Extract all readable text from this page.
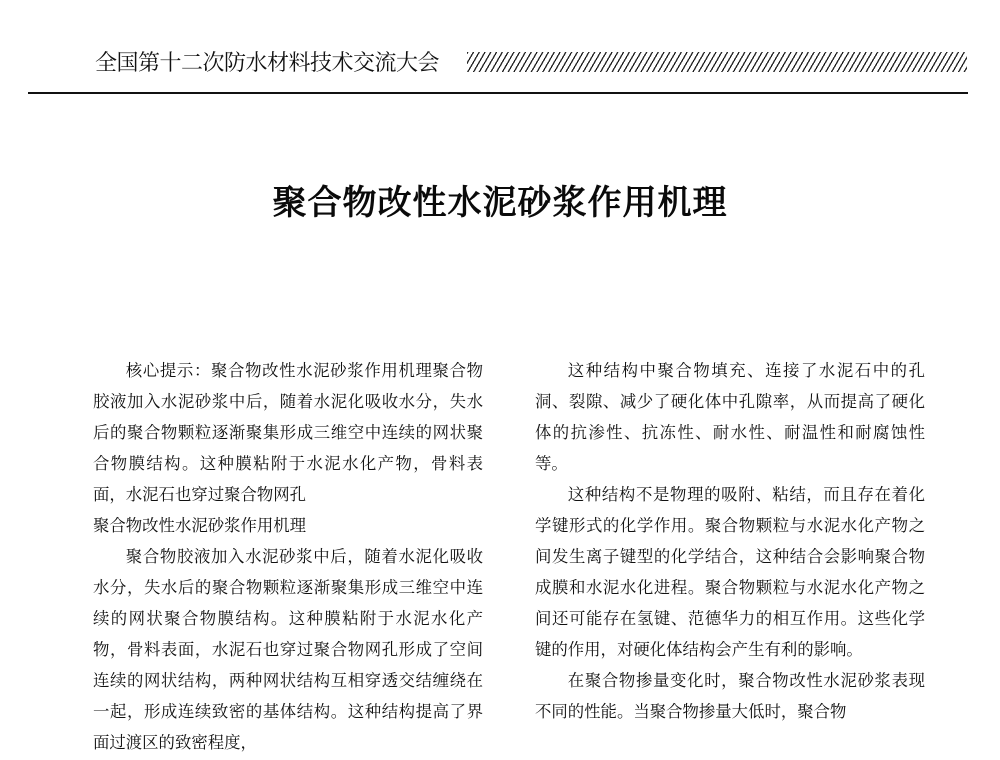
全国第十二次防水材料技术交流大会
聚合物改性水泥砂浆作用机理

核心提示：聚合物改性水泥砂浆作用机理聚合物胶液加入水泥砂浆中后，随着水泥化吸收水分，失水后的聚合物颗粒逐渐聚集形成三维空中连续的网状聚合物膜结构。这种膜粘附于水泥水化产物，骨料表面，水泥石也穿过聚合物网孔

聚合物改性水泥砂浆作用机理

聚合物胶液加入水泥砂浆中后，随着水泥化吸收水分，失水后的聚合物颗粒逐渐聚集形成三维空中连续的网状聚合物膜结构。这种膜粘附于水泥水化产物，骨料表面，水泥石也穿过聚合物网孔形成了空间连续的网状结构，两种网状结构互相穿透交结缠绕在一起，形成连续致密的基体结构。这种结构提高了界面过渡区的致密程度，

这种结构中聚合物填充、连接了水泥石中的孔洞、裂隙、减少了硬化体中孔隙率，从而提高了硬化体的抗渗性、抗冻性、耐水性、耐温性和耐腐蚀性等。

这种结构不是物理的吸附、粘结，而且存在着化学键形式的化学作用。聚合物颗粒与水泥水化产物之间发生离子键型的化学结合，这种结合会影响聚合物成膜和水泥水化进程。聚合物颗粒与水泥水化产物之间还可能存在氢键、范德华力的相互作用。这些化学键的作用，对硬化体结构会产生有利的影响。

在聚合物掺量变化时，聚合物改性水泥砂浆表现不同的性能。当聚合物掺量大低时，聚合物
